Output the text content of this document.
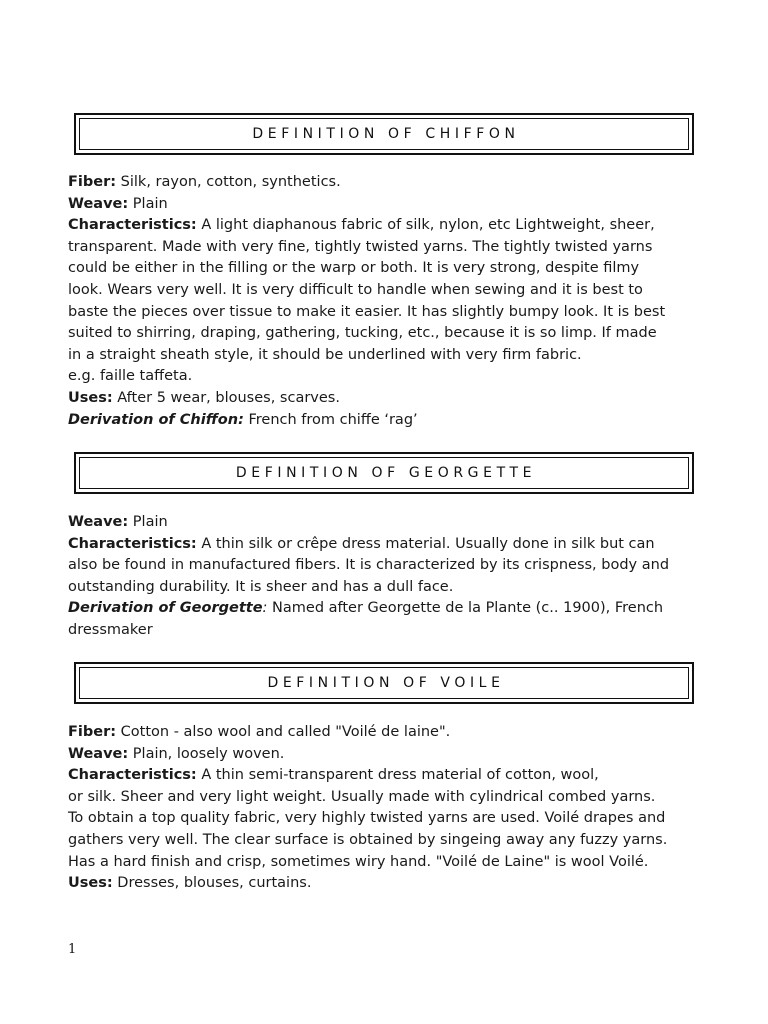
DEFINITION OF CHIFFON
Fiber: Silk, rayon, cotton, synthetics.
Weave: Plain
Characteristics: A light diaphanous fabric of silk, nylon, etc Lightweight, sheer,
transparent. Made with very fine, tightly twisted yarns. The tightly twisted yarns
could be either in the filling or the warp or both. It is very strong, despite filmy
look. Wears very well. It is very difficult to handle when sewing and it is best to
baste the pieces over tissue to make it easier. It has slightly bumpy look. It is best
suited to shirring, draping, gathering, tucking, etc., because it is so limp. If made
in a straight sheath style, it should be underlined with very firm fabric.
e.g. faille taffeta.
Uses: After 5 wear, blouses, scarves.
Derivation of Chiffon: French from chiffe ‘rag’
DEFINITION OF GEORGETTE
Weave: Plain
Characteristics: A thin silk or crêpe dress material. Usually done in silk but can
also be found in manufactured fibers. It is characterized by its crispness, body and
outstanding durability. It is sheer and has a dull face.
Derivation of Georgette: Named after Georgette de la Plante (c.. 1900), French
dressmaker
DEFINITION OF VOILE
Fiber: Cotton - also wool and called "Voilé de laine".
Weave: Plain, loosely woven.
Characteristics: A thin semi-transparent dress material of cotton, wool,
or silk. Sheer and very light weight. Usually made with cylindrical combed yarns.
To obtain a top quality fabric, very highly twisted yarns are used. Voilé drapes and
gathers very well. The clear surface is obtained by singeing away any fuzzy yarns.
Has a hard finish and crisp, sometimes wiry hand. "Voilé de Laine" is wool Voilé.
Uses: Dresses, blouses, curtains.
1
